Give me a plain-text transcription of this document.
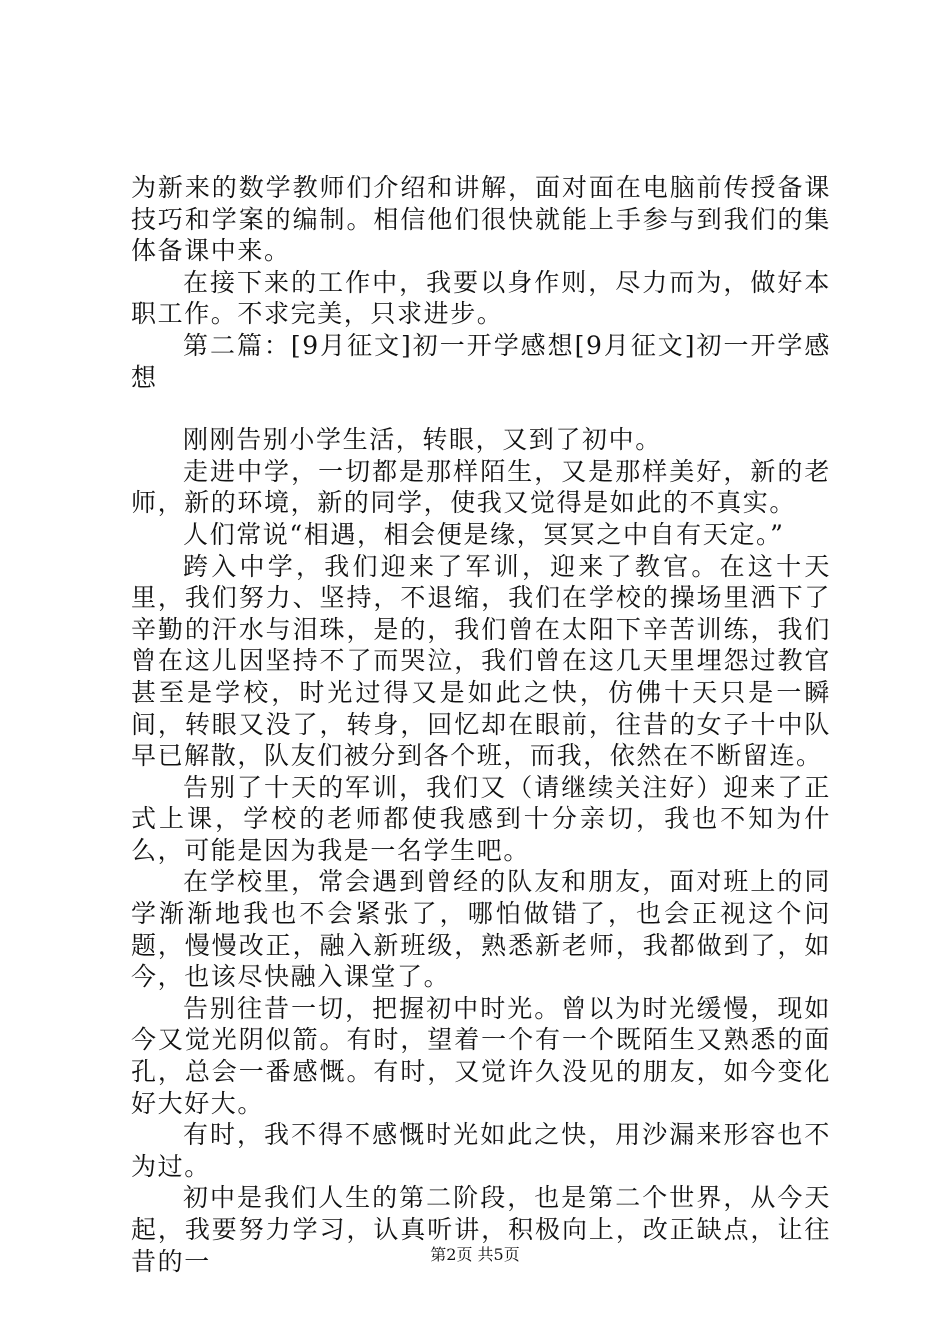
为新来的数学教师们介绍和讲解，面对面在电脑前传授备课技巧和学案的编制。相信他们很快就能上手参与到我们的集体备课中来。

在接下来的工作中，我要以身作则，尽力而为，做好本职工作。不求完美，只求进步。

第二篇：[9月征文]初一开学感想[9月征文]初一开学感想

刚刚告别小学生活，转眼，又到了初中。

走进中学，一切都是那样陌生，又是那样美好，新的老师，新的环境，新的同学，使我又觉得是如此的不真实。

人们常说“相遇，相会便是缘，冥冥之中自有天定。”

跨入中学，我们迎来了军训，迎来了教官。在这十天里，我们努力、坚持，不退缩，我们在学校的操场里洒下了辛勤的汗水与泪珠，是的，我们曾在太阳下辛苦训练，我们曾在这儿因坚持不了而哭泣，我们曾在这几天里埋怨过教官甚至是学校，时光过得又是如此之快，仿佛十天只是一瞬间，转眼又没了，转身，回忆却在眼前，往昔的女子十中队早已解散，队友们被分到各个班，而我，依然在不断留连。

告别了十天的军训，我们又（请继续关注好）迎来了正式上课，学校的老师都使我感到十分亲切，我也不知为什么，可能是因为我是一名学生吧。

在学校里，常会遇到曾经的队友和朋友，面对班上的同学渐渐地我也不会紧张了，哪怕做错了，也会正视这个问题，慢慢改正，融入新班级，熟悉新老师，我都做到了，如今，也该尽快融入课堂了。

告别往昔一切，把握初中时光。曾以为时光缓慢，现如今又觉光阴似箭。有时，望着一个有一个既陌生又熟悉的面孔，总会一番感慨。有时，又觉许久没见的朋友，如今变化好大好大。

有时，我不得不感慨时光如此之快，用沙漏来形容也不为过。

初中是我们人生的第二阶段，也是第二个世界，从今天起，我要努力学习，认真听讲，积极向上，改正缺点，让往昔的一	第2页 共5页
